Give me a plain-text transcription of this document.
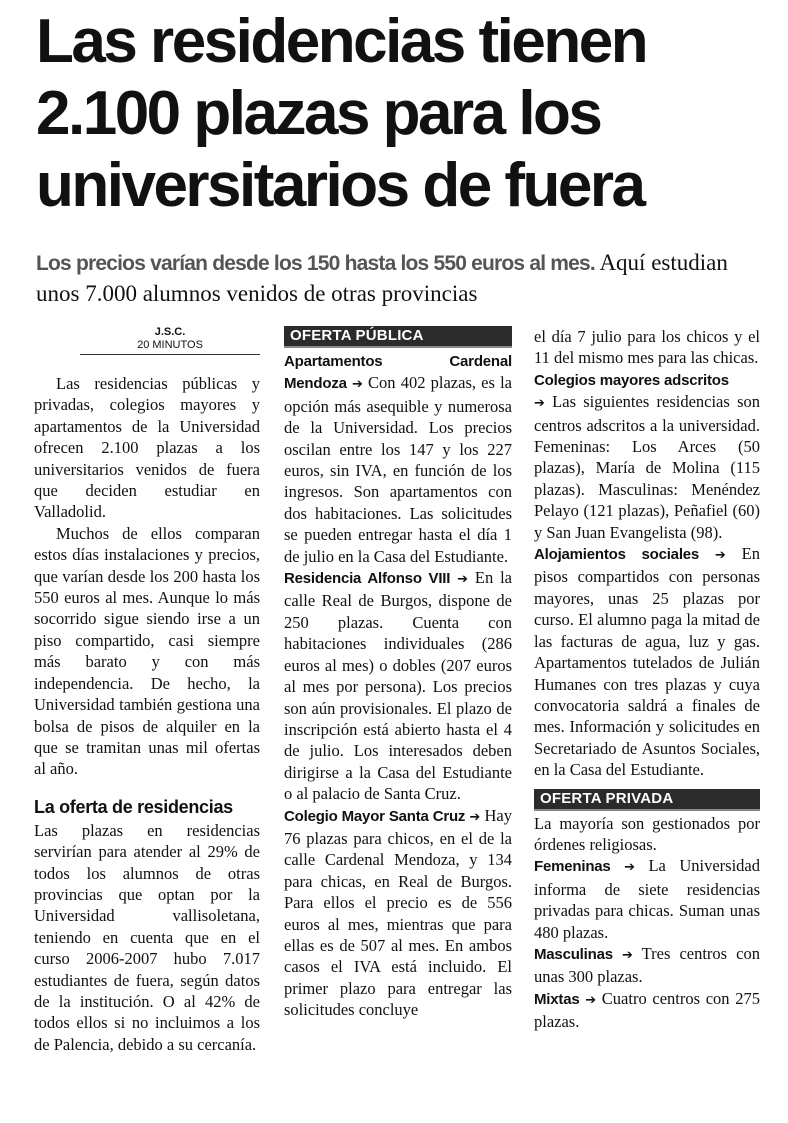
Las residencias tienen
2.100 plazas para los
universitarios de fuera

Los precios varían desde los 150 hasta los 550 euros al mes. Aquí estudian unos 7.000 alumnos venidos de otras provincias

J.S.C.
20 MINUTOS

Las residencias públicas y privadas, colegios mayores y apartamentos de la Universidad ofrecen 2.100 plazas a los universitarios venidos de fuera que deciden estudiar en Valladolid.

Muchos de ellos comparan estos días instalaciones y precios, que varían desde los 200 hasta los 550 euros al mes. Aunque lo más socorrido sigue siendo irse a un piso compartido, casi siempre más barato y con más independencia. De hecho, la Universidad también gestiona una bolsa de pisos de alquiler en la que se tramitan unas mil ofertas al año.

La oferta de residencias

Las plazas en residencias servirían para atender al 29% de todos los alumnos de otras provincias que optan por la Universidad vallisoletana, teniendo en cuenta que en el curso 2006-2007 hubo 7.017 estudiantes de fuera, según datos de la institución. O al 42% de todos ellos si no incluimos a los de Palencia, debido a su cercanía.

OFERTA PÚBLICA

Apartamentos Cardenal Mendoza ➔ Con 402 plazas, es la opción más asequible y numerosa de la Universidad. Los precios oscilan entre los 147 y los 227 euros, sin IVA, en función de los ingresos. Son apartamentos con dos habitaciones. Las solicitudes se pueden entregar hasta el día 1 de julio en la Casa del Estudiante.

Residencia Alfonso VIII ➔ En la calle Real de Burgos, dispone de 250 plazas. Cuenta con habitaciones individuales (286 euros al mes) o dobles (207 euros al mes por persona). Los precios son aún provisionales. El plazo de inscripción está abierto hasta el 4 de julio. Los interesados deben dirigirse a la Casa del Estudiante o al palacio de Santa Cruz.

Colegio Mayor Santa Cruz ➔ Hay 76 plazas para chicos, en el de la calle Cardenal Mendoza, y 134 para chicas, en Real de Burgos. Para ellos el precio es de 556 euros al mes, mientras que para ellas es de 507 al mes. En ambos casos el IVA está incluido. El primer plazo para entregar las solicitudes concluye

el día 7 julio para los chicos y el 11 del mismo mes para las chicas.

Colegios mayores adscritos
➔ Las siguientes residencias son centros adscritos a la universidad. Femeninas: Los Arces (50 plazas), María de Molina (115 plazas). Masculinas: Menéndez Pelayo (121 plazas), Peñafiel (60) y San Juan Evangelista (98).

Alojamientos sociales ➔ En pisos compartidos con personas mayores, unas 25 plazas por curso. El alumno paga la mitad de las facturas de agua, luz y gas. Apartamentos tutelados de Julián Humanes con tres plazas y cuya convocatoria saldrá a finales de mes. Información y solicitudes en Secretariado de Asuntos Sociales, en la Casa del Estudiante.

OFERTA PRIVADA

La mayoría son gestionados por órdenes religiosas.

Femeninas ➔ La Universidad informa de siete residencias privadas para chicas. Suman unas 480 plazas.

Masculinas ➔ Tres centros con unas 300 plazas.

Mixtas ➔ Cuatro centros con 275 plazas.
